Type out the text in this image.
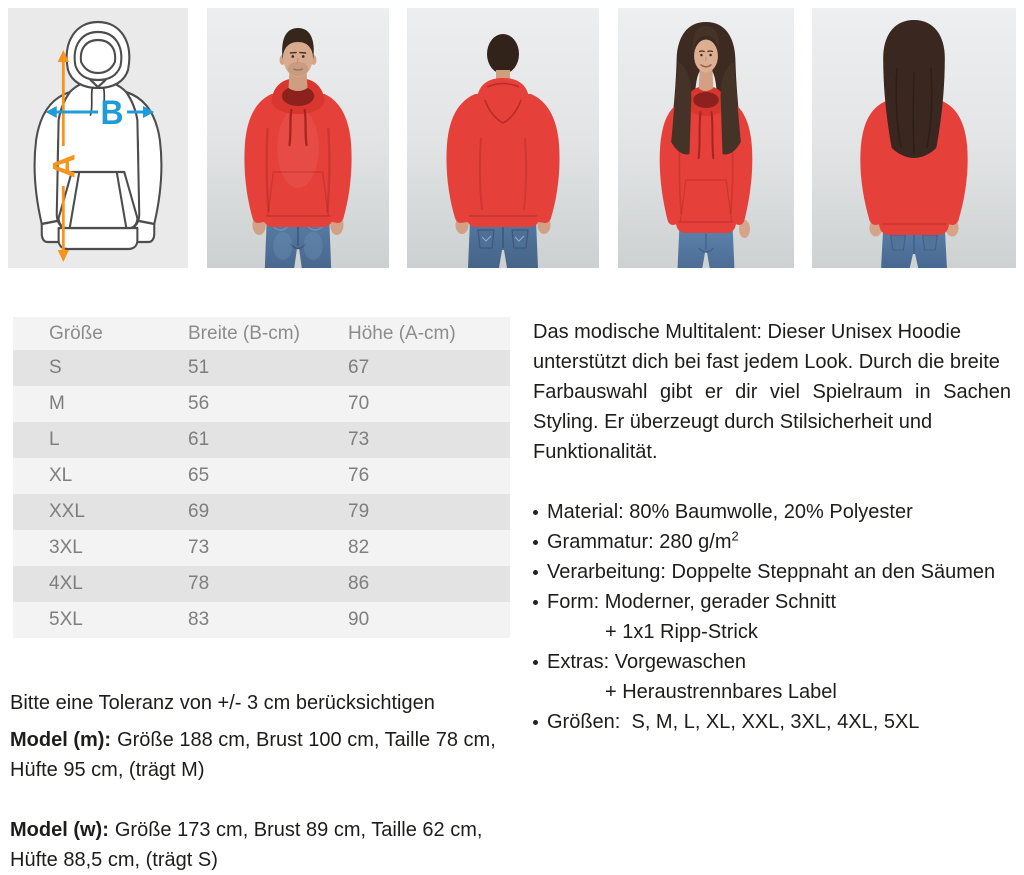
A
B
Größe	Breite (B-cm)	Höhe (A-cm)
S	51	67
M	56	70
L	61	73
XL	65	76
XXL	69	79
3XL	73	82
4XL	78	86
5XL	83	90

Bitte eine Toleranz von +/- 3 cm berücksichtigen

Model (m): Größe 188 cm, Brust 100 cm, Taille 78 cm, Hüfte 95 cm, (trägt M)

Model (w): Größe 173 cm, Brust 89 cm, Taille 62 cm, Hüfte 88,5 cm, (trägt S)

Das modische Multitalent: Dieser Unisex Hoodie
unterstützt dich bei fast jedem Look. Durch die breite
Farbauswahl gibt er dir viel Spielraum in Sachen
Styling. Er überzeugt durch Stilsicherheit und
Funktionalität.
Material: 80% Baumwolle, 20% Polyester
Grammatur: 280 $g/m^2$
Verarbeitung: Doppelte Steppnaht an den Säumen
Form: Moderner, gerader Schnitt
+ 1x1 Ripp-Strick
Extras: Vorgewaschen
+ Heraustrennbares Label
Größen:  S, M, L, XL, XXL, 3XL, 4XL, 5XL
